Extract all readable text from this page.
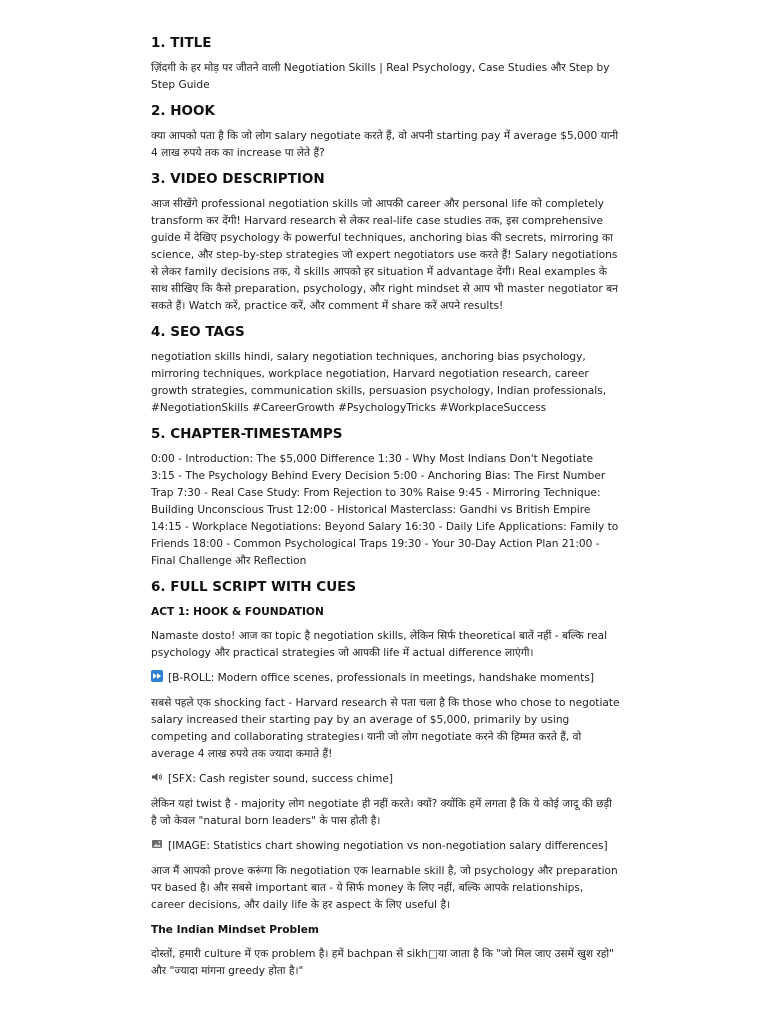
1. TITLE

ज़िंदगी के हर मोड़ पर जीतने वाली Negotiation Skills | Real Psychology, Case Studies और Step by Step Guide

2. HOOK

क्या आपको पता है कि जो लोग salary negotiate करते हैं, वो अपनी starting pay में average $5,000 यानी 4 लाख रुपये तक का increase पा लेते हैं?

3. VIDEO DESCRIPTION

आज सीखेंगे professional negotiation skills जो आपकी career और personal life को completely transform कर देंगी! Harvard research से लेकर real-life case studies तक, इस comprehensive guide में देखिए psychology के powerful techniques, anchoring bias की secrets, mirroring का science, और step-by-step strategies जो expert negotiators use करते हैं! Salary negotiations से लेकर family decisions तक, ये skills आपको हर situation में advantage देंगी। Real examples के साथ सीखिए कि कैसे preparation, psychology, और right mindset से आप भी master negotiator बन सकते हैं। Watch करें, practice करें, और comment में share करें अपने results!

4. SEO TAGS

negotiation skills hindi, salary negotiation techniques, anchoring bias psychology, mirroring techniques, workplace negotiation, Harvard negotiation research, career growth strategies, communication skills, persuasion psychology, Indian professionals, #NegotiationSkills #CareerGrowth #PsychologyTricks #WorkplaceSuccess

5. CHAPTER-TIMESTAMPS

0:00 - Introduction: The $5,000 Difference 1:30 - Why Most Indians Don't Negotiate 3:15 - The Psychology Behind Every Decision 5:00 - Anchoring Bias: The First Number Trap 7:30 - Real Case Study: From Rejection to 30% Raise 9:45 - Mirroring Technique: Building Unconscious Trust 12:00 - Historical Masterclass: Gandhi vs British Empire 14:15 - Workplace Negotiations: Beyond Salary 16:30 - Daily Life Applications: Family to Friends 18:00 - Common Psychological Traps 19:30 - Your 30-Day Action Plan 21:00 - Final Challenge और Reflection

6. FULL SCRIPT WITH CUES

ACT 1: HOOK & FOUNDATION

Namaste dosto! आज का topic है negotiation skills, लेकिन सिर्फ theoretical बातें नहीं - बल्कि real psychology और practical strategies जो आपकी life में actual difference लाएंगी।

[B-ROLL: Modern office scenes, professionals in meetings, handshake moments]

सबसे पहले एक shocking fact - Harvard research से पता चला है कि those who chose to negotiate salary increased their starting pay by an average of $5,000, primarily by using competing and collaborating strategies। यानी जो लोग negotiate करने की हिम्मत करते हैं, वो average 4 लाख रुपये तक ज्यादा कमाते हैं!

[SFX: Cash register sound, success chime]

लेकिन यहां twist है - majority लोग negotiate ही नहीं करते। क्यों? क्योंकि हमें लगता है कि ये कोई जादू की छड़ी है जो केवल "natural born leaders" के पास होती है।

[IMAGE: Statistics chart showing negotiation vs non-negotiation salary differences]

आज मैं आपको prove करूंगा कि negotiation एक learnable skill है, जो psychology और preparation पर based है। और सबसे important बात - ये सिर्फ money के लिए नहीं, बल्कि आपके relationships, career decisions, और daily life के हर aspect के लिए useful है।

The Indian Mindset Problem

दोस्तों, हमारी culture में एक problem है। हमें bachpan से sikh□या जाता है कि "जो मिल जाए उसमें खुश रहो" और "ज्यादा मांगना greedy होता है।"
